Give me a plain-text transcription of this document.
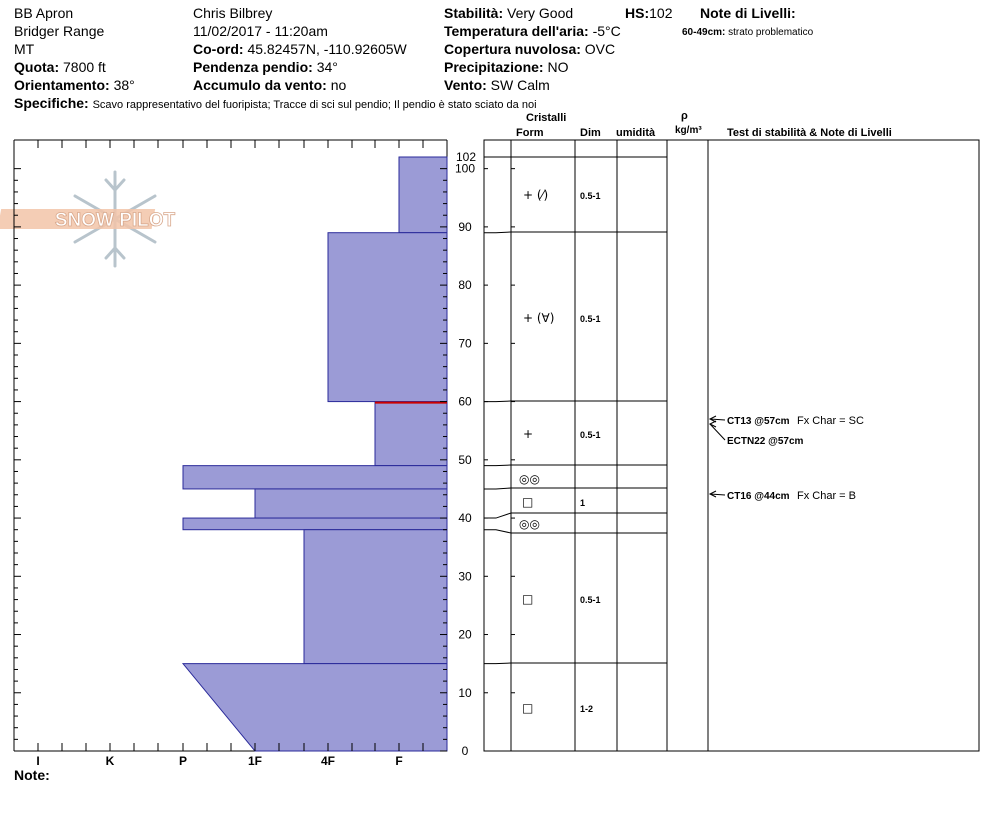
BB Apron
Bridger Range
MT
Quota: 7800 ft
Orientamento: 38°
Chris Bilbrey
11/02/2017 - 11:20am
Co-ord: 45.82457N, -110.92605W
Pendenza pendio: 34°
Accumulo da vento: no
Stabilità: Very Good	HS:102
Temperatura dell'aria: -5°C
Copertura nuvolosa: OVC
Precipitazione: NO
Vento: SW Calm
Note di Livelli:
60-49cm: strato problematico
Specifiche: Scavo rappresentativo del fuoripista; Tracce di sci sul pendio; Il pendio è stato sciato da noi
Note:
Cristalli
Form	Dim umidità
ρ
kg/m³ Test di stabilità & Note di Livelli
SNOW PILOT
I	K	P	1F	4F	F
0
10
20
30
40
50
60
70
80
90
100
102
+ (⁄)	0.5-1
+ (∀)	0.5-1
+	0.5-1
◎◎
□	1
◎◎
□	0.5-1
□	1-2
CT13 @57cm Fx Char = SC
ECTN22 @57cm
CT16 @44cm Fx Char = B
